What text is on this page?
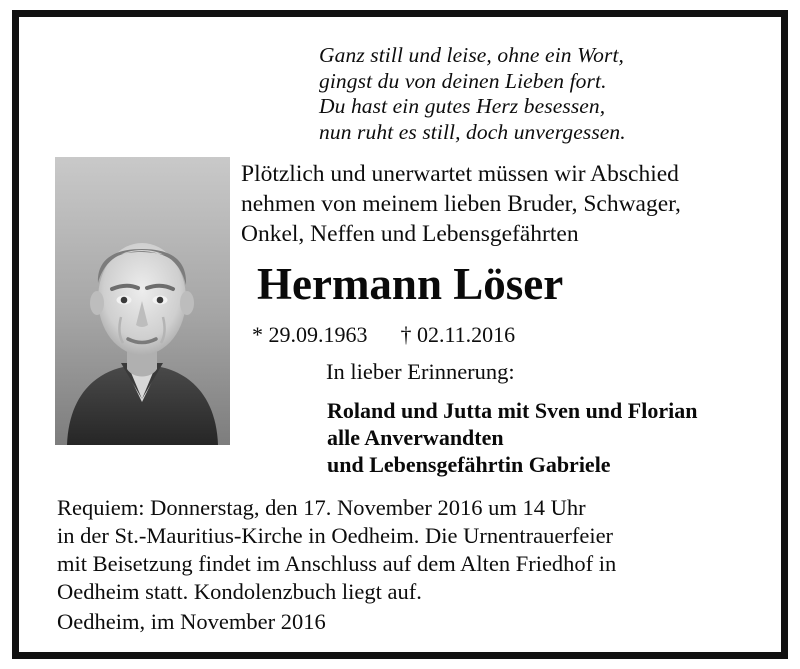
Ganz still und leise, ohne ein Wort,
gingst du von deinen Lieben fort.
Du hast ein gutes Herz besessen,
nun ruht es still, doch unvergessen.
Plötzlich und unerwartet müssen wir Abschied
nehmen von meinem lieben Bruder, Schwager,
Onkel, Neffen und Lebensgefährten
Hermann Löser
* 29.09.1963 † 02.11.2016
In lieber Erinnerung:
Roland und Jutta mit Sven und Florian
alle Anverwandten
und Lebensgefährtin Gabriele
Requiem: Donnerstag, den 17. November 2016 um 14 Uhr
in der St.-Mauritius-Kirche in Oedheim. Die Urnentrauerfeier
mit Beisetzung findet im Anschluss auf dem Alten Friedhof in
Oedheim statt. Kondolenzbuch liegt auf.
Oedheim, im November 2016
